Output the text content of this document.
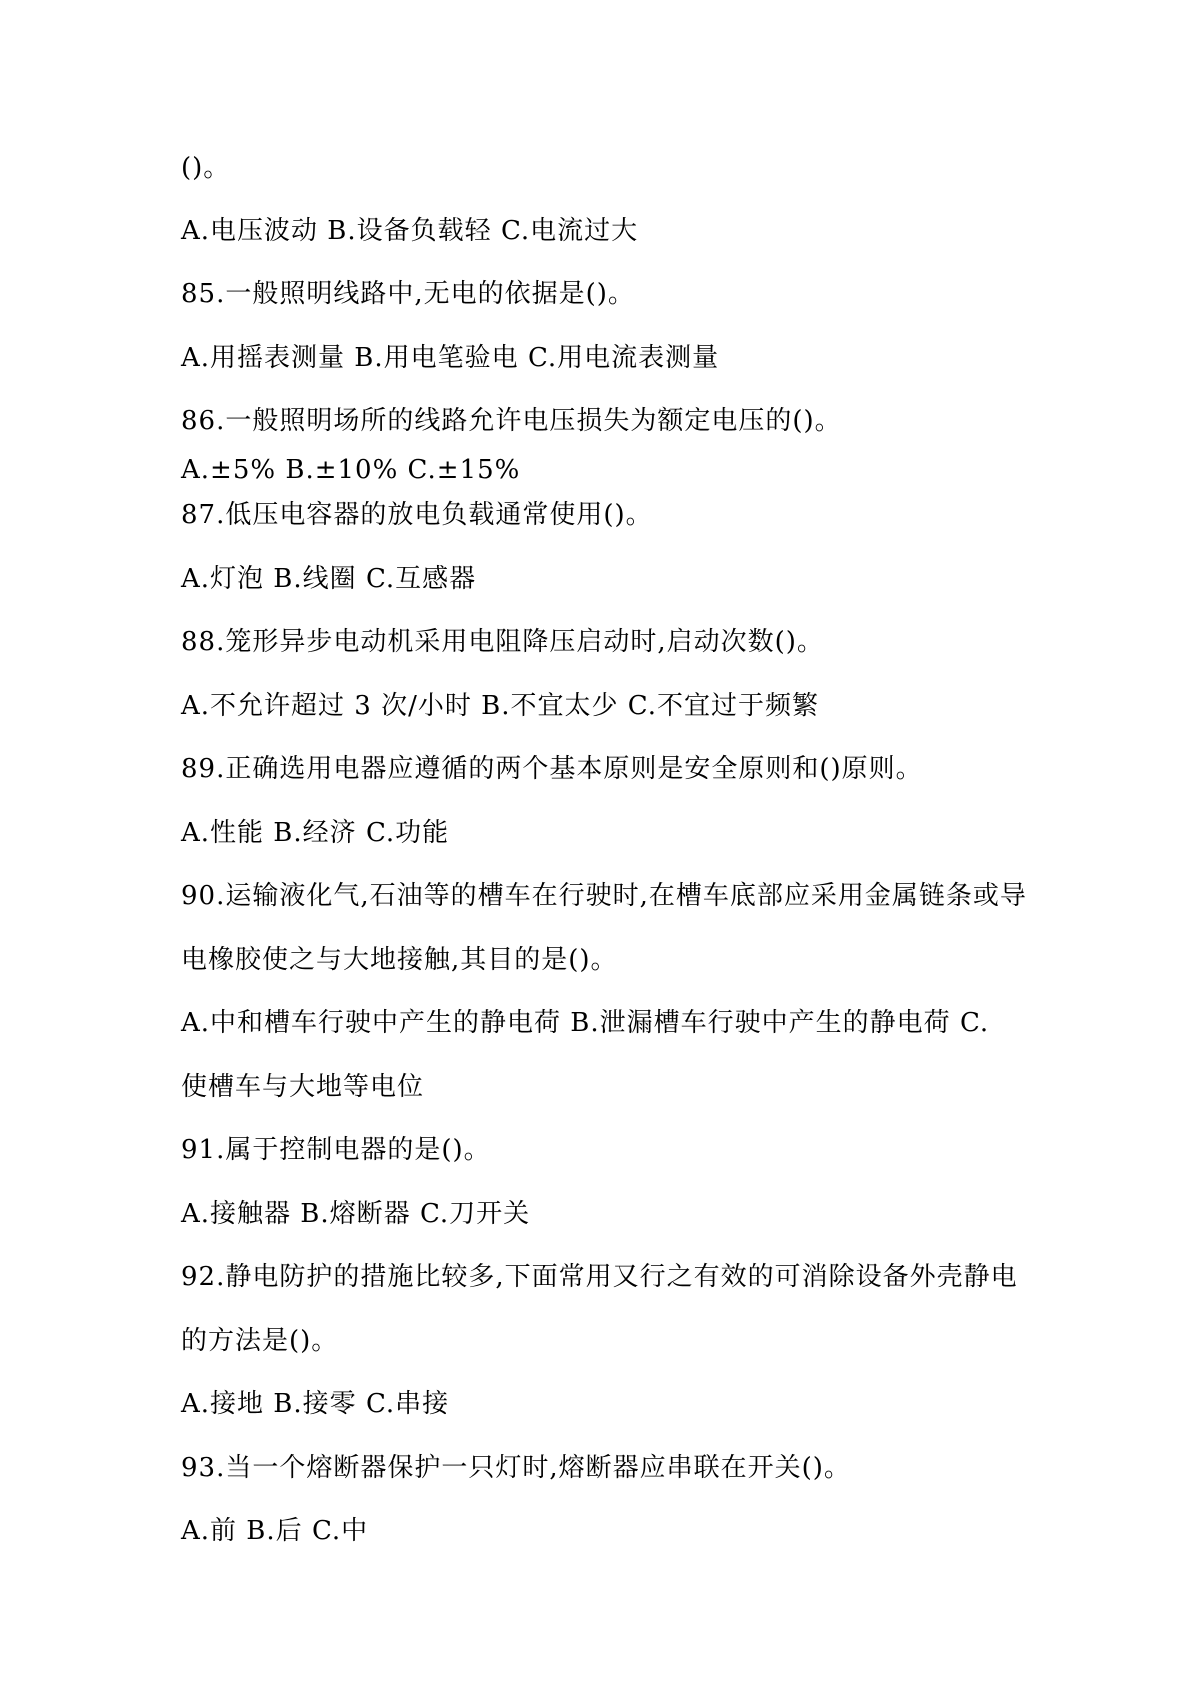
()。
A.电压波动 B.设备负载轻 C.电流过大
85.一般照明线路中,无电的依据是()。
A.用摇表测量 B.用电笔验电 C.用电流表测量
86.一般照明场所的线路允许电压损失为额定电压的()。
A.±5% B.±10% C.±15%
87.低压电容器的放电负载通常使用()。
A.灯泡 B.线圈 C.互感器
88.笼形异步电动机采用电阻降压启动时,启动次数()。
A.不允许超过 3 次/小时 B.不宜太少 C.不宜过于频繁
89.正确选用电器应遵循的两个基本原则是安全原则和()原则。
A.性能 B.经济 C.功能
90.运输液化气,石油等的槽车在行驶时,在槽车底部应采用金属链条或导
电橡胶使之与大地接触,其目的是()。
A.中和槽车行驶中产生的静电荷 B.泄漏槽车行驶中产生的静电荷 C.
使槽车与大地等电位
91.属于控制电器的是()。
A.接触器 B.熔断器 C.刀开关
92.静电防护的措施比较多,下面常用又行之有效的可消除设备外壳静电
的方法是()。
A.接地 B.接零 C.串接
93.当一个熔断器保护一只灯时,熔断器应串联在开关()。
A.前 B.后 C.中
